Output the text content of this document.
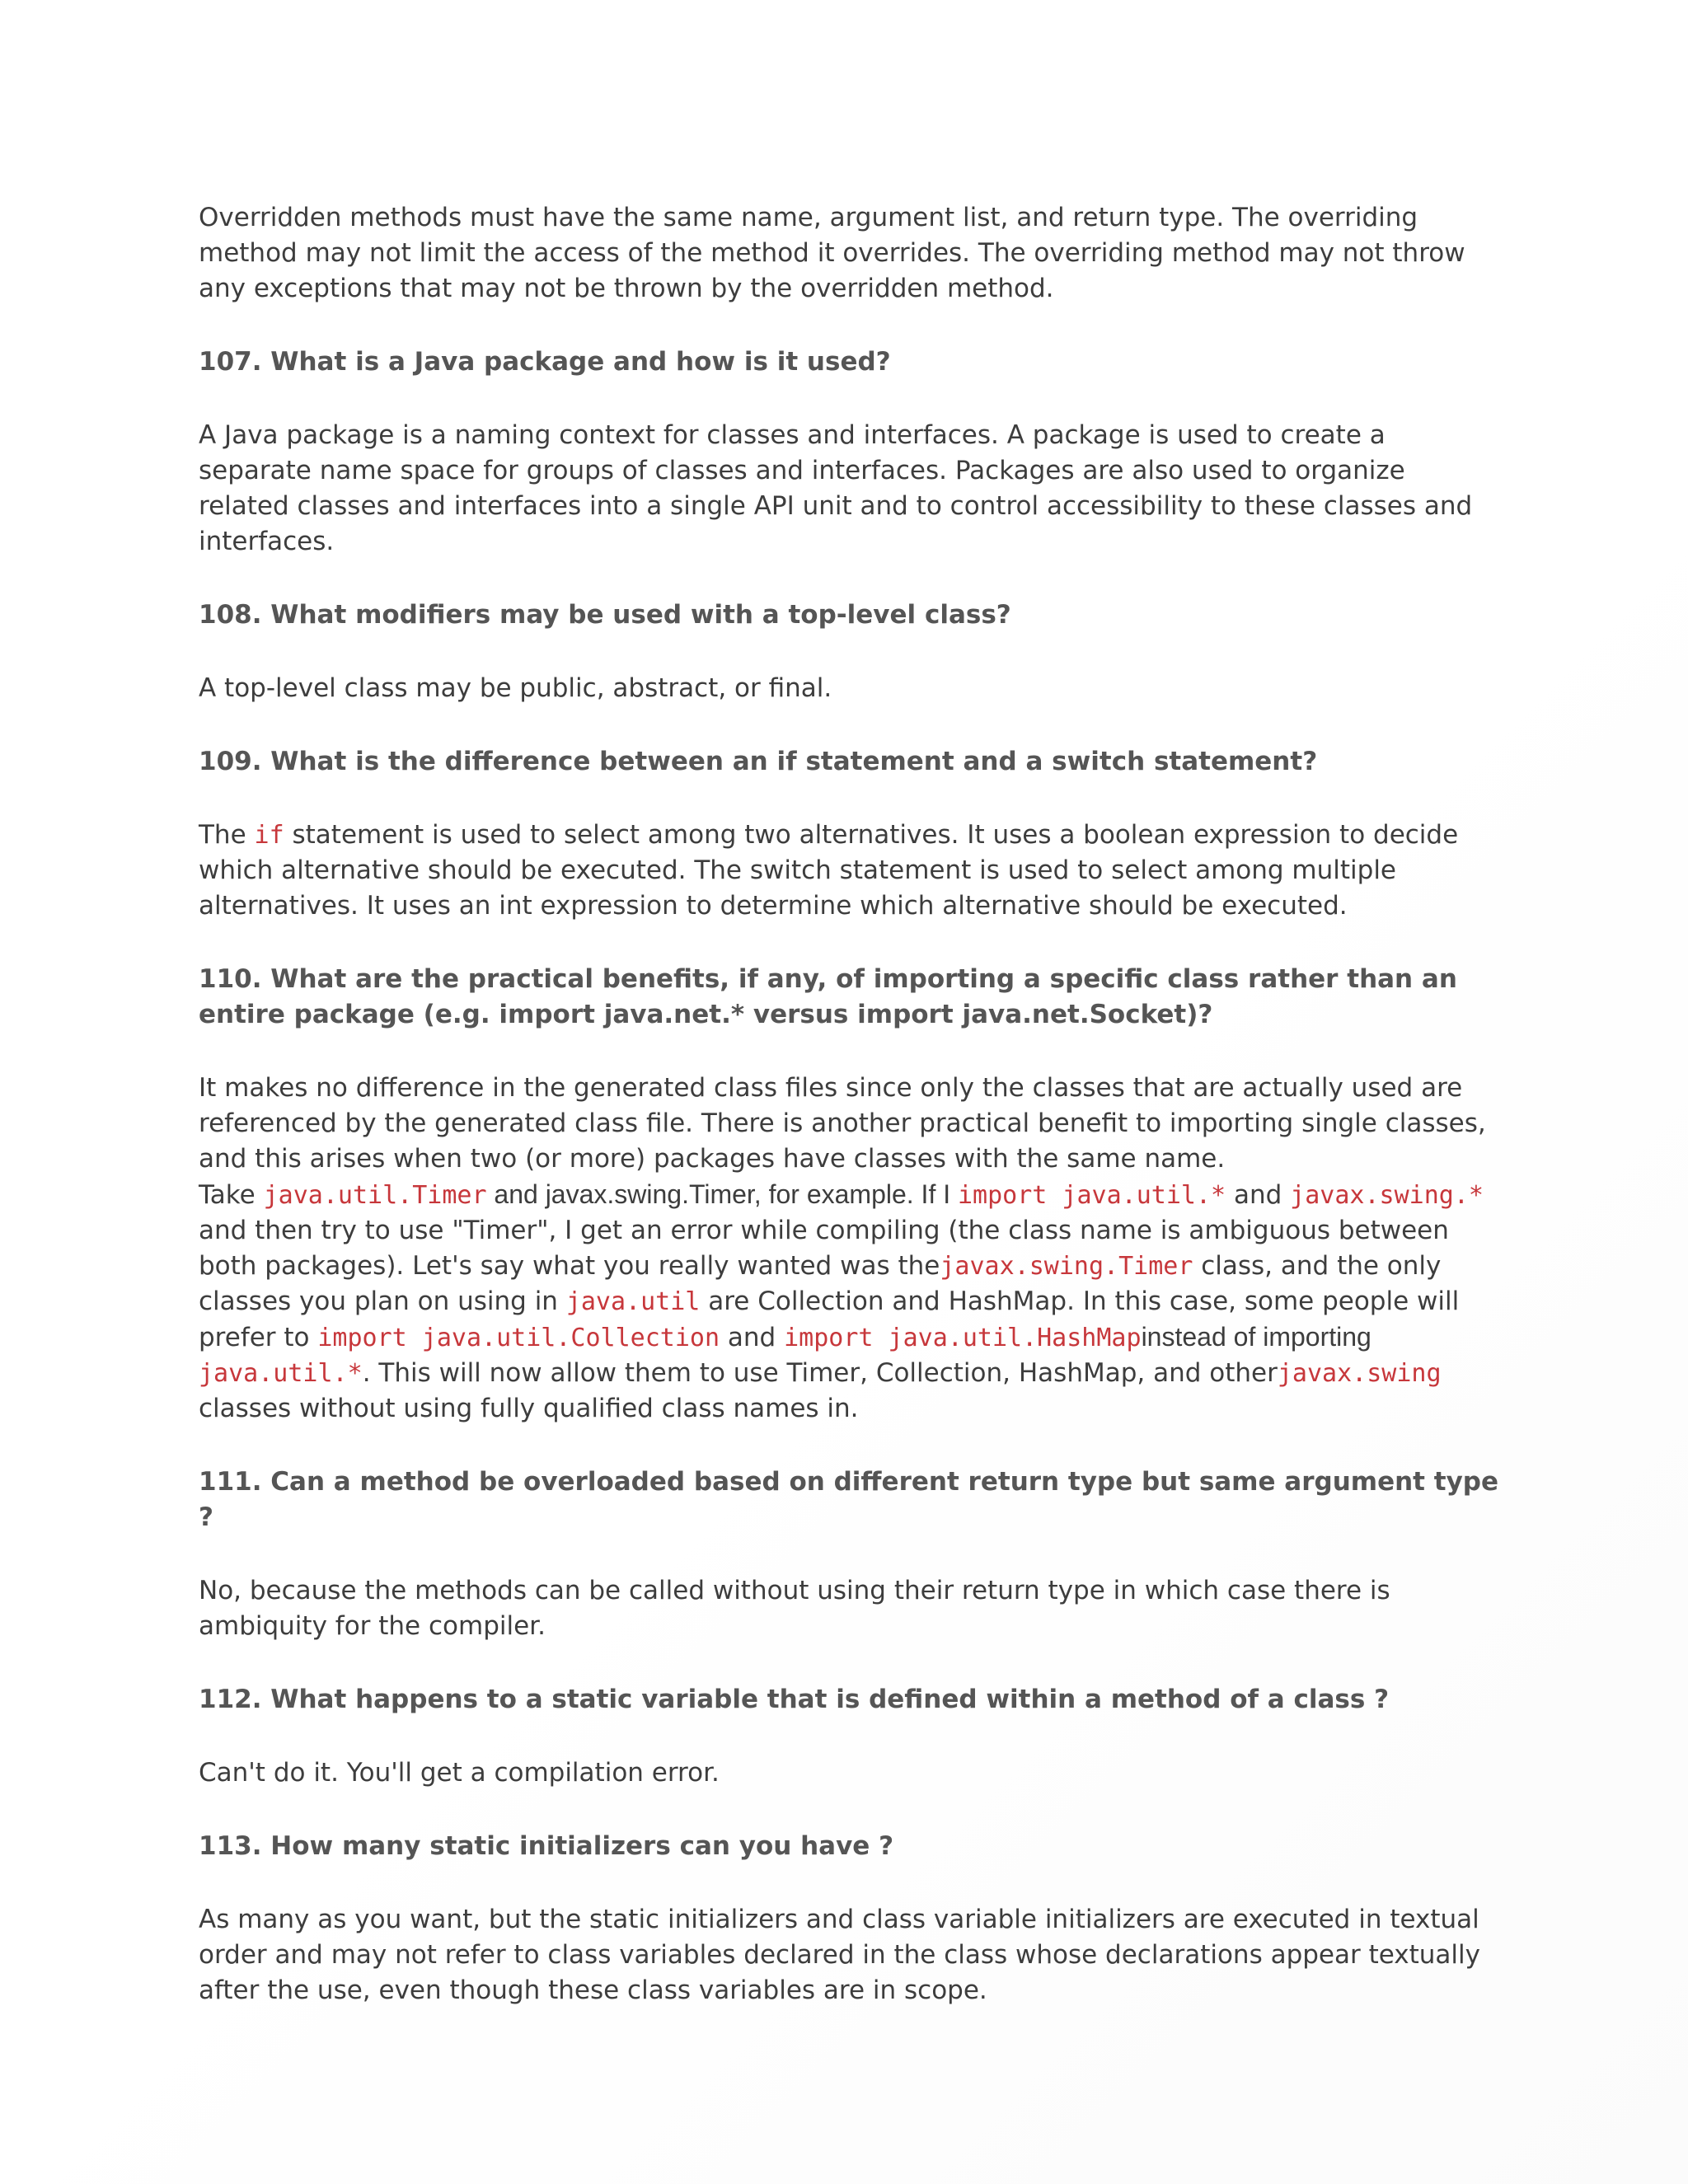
Overridden methods must have the same name, argument list, and return type. The overriding method may not limit the access of the method it overrides. The overriding method may not throw any exceptions that may not be thrown by the overridden method.

107. What is a Java package and how is it used?

A Java package is a naming context for classes and interfaces. A package is used to create a separate name space for groups of classes and interfaces. Packages are also used to organize related classes and interfaces into a single API unit and to control accessibility to these classes and interfaces.

108. What modifiers may be used with a top-level class?

A top-level class may be public, abstract, or final.

109. What is the difference between an if statement and a switch statement?

The if statement is used to select among two alternatives. It uses a boolean expression to decide which alternative should be executed. The switch statement is used to select among multiple alternatives. It uses an int expression to determine which alternative should be executed.

110. What are the practical benefits, if any, of importing a specific class rather than an entire package (e.g. import java.net.* versus import java.net.Socket)?

It makes no difference in the generated class files since only the classes that are actually used are referenced by the generated class file. There is another practical benefit to importing single classes, and this arises when two (or more) packages have classes with the same name.

Take java.util.Timer and javax.swing.Timer, for example. If I import java.util.* and javax.swing.* and then try to use "Timer", I get an error while compiling (the class name is ambiguous between both packages). Let's say what you really wanted was thejavax.swing.Timer class, and the only classes you plan on using in java.util are Collection and HashMap. In this case, some people will prefer to import java.util.Collection and import java.util.HashMapinstead of importing java.util.*. This will now allow them to use Timer, Collection, HashMap, and otherjavax.swing classes without using fully qualified class names in.

111. Can a method be overloaded based on different return type but same argument type ?

No, because the methods can be called without using their return type in which case there is ambiquity for the compiler.

112. What happens to a static variable that is defined within a method of a class ?

Can't do it. You'll get a compilation error.

113. How many static initializers can you have ?

As many as you want, but the static initializers and class variable initializers are executed in textual order and may not refer to class variables declared in the class whose declarations appear textually after the use, even though these class variables are in scope.
